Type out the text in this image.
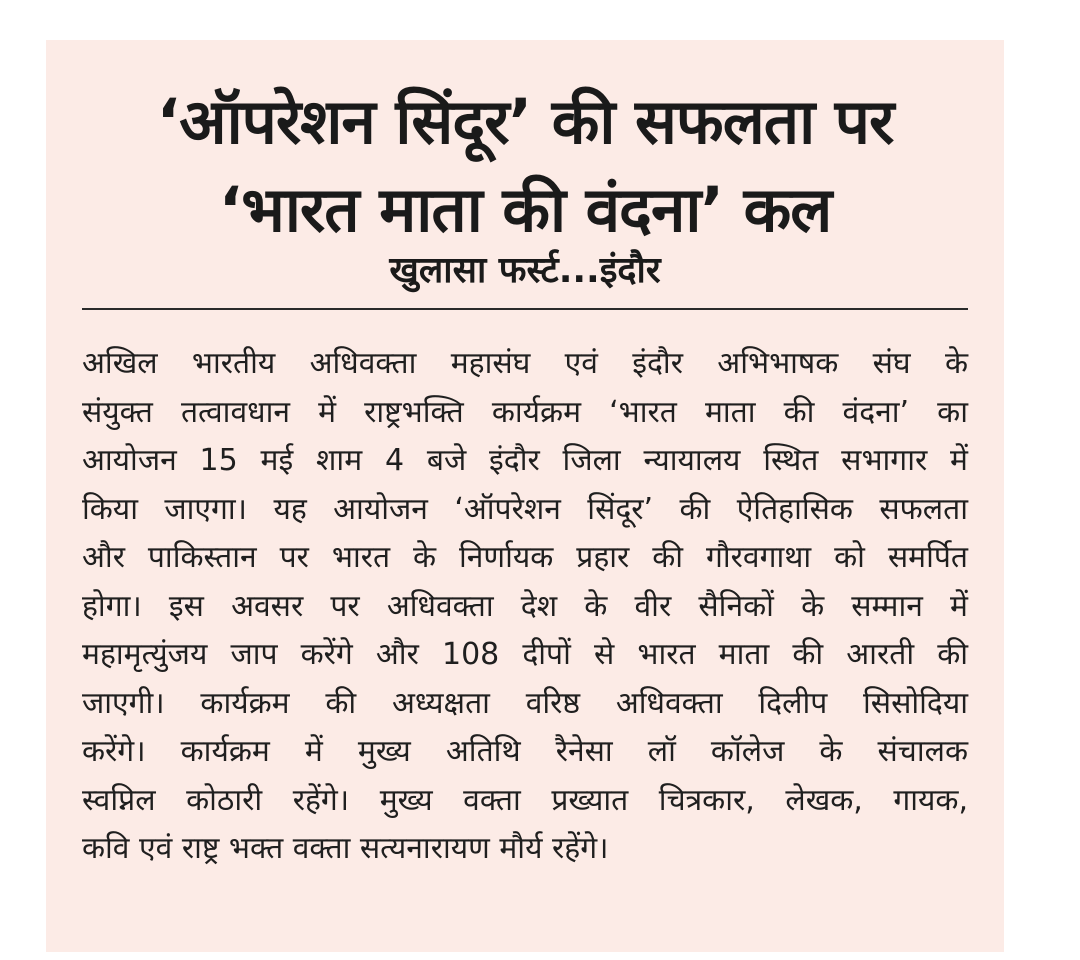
‘ऑपरेशन सिंदूर’ की सफलता पर
‘भारत माता की वंदना’ कल
खुलासा फर्स्ट...इंदौर
अखिल भारतीय अधिवक्ता महासंघ एवं इंदौर अभिभाषक संघ के
संयुक्त तत्वावधान में राष्ट्रभक्ति कार्यक्रम ‘भारत माता की वंदना’ का
आयोजन 15 मई शाम 4 बजे इंदौर जिला न्यायालय स्थित सभागार में
किया जाएगा। यह आयोजन ‘ऑपरेशन सिंदूर’ की ऐतिहासिक सफलता
और पाकिस्तान पर भारत के निर्णायक प्रहार की गौरवगाथा को समर्पित
होगा। इस अवसर पर अधिवक्ता देश के वीर सैनिकों के सम्मान में
महामृत्युंजय जाप करेंगे और 108 दीपों से भारत माता की आरती की
जाएगी। कार्यक्रम की अध्यक्षता वरिष्ठ अधिवक्ता दिलीप सिसोदिया
करेंगे। कार्यक्रम में मुख्य अतिथि रैनेसा लॉ कॉलेज के संचालक
स्वप्निल कोठारी रहेंगे। मुख्य वक्ता प्रख्यात चित्रकार, लेखक, गायक,
कवि एवं राष्ट्र भक्त वक्ता सत्यनारायण मौर्य रहेंगे।
